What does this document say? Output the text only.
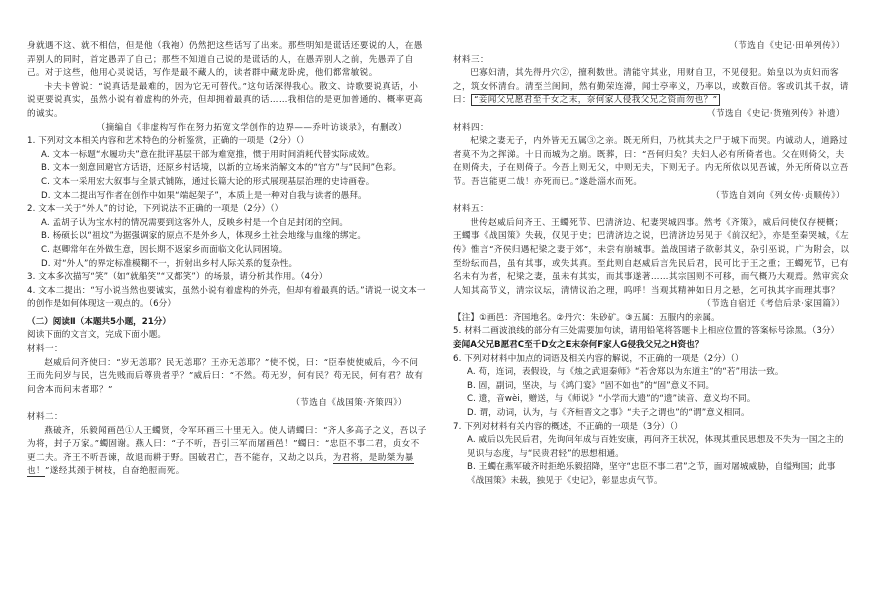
身就遇不这、就不相信，但是他（我袍）仍然把这些话写了出来。那些明知是谎话还要说的人，在愚弄别人的同时，首定愚弄了自己；那些不知道自己说的是谎话的人，在愚弄别人之前，先愚弄了自己。对于这些，他用心灵说话，写作是最不藏人的，读者群中藏龙卧虎，他们都常敏锐。

卡夫卡曾说：“说真话是最难的，因为它无可替代。”这句话深得我心。散文、诗歌要说真话，小说更要说真实，虽然小说有着虚构的外壳，但却拥着最真的话……我相信的是更加普通的、概率更高的诚实。

（摘编自《非虚构写作在努力拓宽文学创作的边界——乔叶访谈录》，有删改）

1. 下列对文本相关内容和艺术特色的分析鉴赏，正确的一项是（2分）（）

A. 文本一标题“水履功夫”意在批评基层干部为难宽推，惯于用时间消耗代替实际成效。

B. 文本一刻意回避官方话语，还原乡村话境，以新的立场来消解文本的“官方”与“民间”色彩。

C. 文本一采用宏大叙事与全景式铺陈，通过长篇大论的形式展现基层治理的史诗画卷。

D. 文本二提出写作者在创作中如果“端起架子”，本质上是一种对自我与读者的愚拜。

2. 文本一关于“外人”的讨论，下列说法不正确的一项是（2分）（）

A. 孟胡子认为宝水村的情况需要到这客外人，反映乡村是一个自足封闭的空间。

B. 杨硕长以“祖坟”为据强调家的原点不是外乡人，体现乡土社会地缘与血缘的绑定。

C. 赵卿常年在外做生意，因长期不返家乡而面临文化认同困境。

D. 对“外人”的界定标准模糊不一，折射出乡村人际关系的复杂性。

3. 文本多次描写“笑”（如“就船笑”“又都笑”）的场景，请分析其作用。（4分）

4. 文本二提出：“写小说当然也要诚实，虽然小说有着虚构的外壳，但却有着最真的话。”请说一说文本一的创作是如何体现这一观点的。（6分）

（二）阅读Ⅱ（本题共5小题，21分）

阅读下面的文言文，完成下面小题。

材料一：

赵威后问齐使曰：“岁无恙耶？民无恙耶？王亦无恙耶？”使不悦，曰：“臣奉使使威后，今不问王而先问岁与民，岂先贱而后尊贵者乎？”威后曰：“不然。苟无岁，何有民？苟无民，何有君？故有问舍本而问末者耶？”

（节选自《战国策·齐策四》）

材料二：

燕破齐，乐毅闻画邑①人王蠋贤，令军环画三十里无入。使人请蠋曰：“齐人多高子之义，吾以子为将，封子万家。”蠋固谢。燕人曰：“子不听，吾引三军而屠画邑！”蠋曰：“忠臣不事二君，贞女不更二夫。齐王不听吾谏，故退而耕于野。国破君亡，吾不能存，又劫之以兵，为君将，是助桀为暴也！”遂经其颈于树枝，自奋绝脰而死。

（节选自《史记·田单列传》）

材料三：

巴寡妇清，其先得丹穴②，擅利数世。清能守其业，用财自卫，不见侵犯。始皇以为贞妇而客之，筑女怀清台。清至兰闺间，然有勤荣连滞，闻士亭率义，乃率以，或数百倍。客或讥其千叔，请曰： “妾闻父兄愿君至千女之末，奈何家人侵我父兄之资而勿也？”

（节选自《史记·货殖列传》补遗）

材料四：

杞梁之妻无子，内外皆无五属③之亲。既无所归，乃枕其夫之尸于城下而哭。内诚动人，道路过者莫不为之挥涕。十日而城为之崩。既葬，曰：“吾何归矣？夫妇人必有所倚者也。父在则倚父，夫在则倚夫，子在则倚子。今吾上则无父，中则无夫，下则无子。内无所依以见吾诚，外无所倚以立吾节。吾岂能更二哉！亦死而已。”遂赴淄水而死。

（节选自刘向《列女传·贞顺传》）

材料五：

世传赵威后问齐王、王蠋死节、巴清济边、杞妻哭城四事。然考《齐策》，威后问使仅存梗概；王蠋事《战国策》失载，仅见于史；巴清济边之说，巴清济边另见于《前汉纪》，亦是至秦哭城，《左传》惟言“齐侯归遇杞梁之妻于郊”，未尝有崩城事。盖战国诸子欲彰其义，杂引巫说，广为附会，以至纷纭而昌，虽有其事，或失其真。至此则自赵威后言先民后君，民可比于王之重；王蠋死节，已有名未有为者，杞梁之妻，虽未有其实，而其事遂著……其宗国则不可移，而气概乃大观焉。然审宾众人知其高节义，清宗议坛，清情议治之理，呜呼！当观其精神如日月之悬，乞可执其字而理其事？

（节选自宿迁《考信后录·家国篇》）

【注】①画邑：齐国地名。②丹穴：朱砂矿。③五属：五服内的亲属。

5. 材料二画波浪线的部分有三处需要加句读，请用铅笔将答题卡上相应位置的答案标号涂黑。（3分）

妾闻A父兄B愿君C至千D女之E末奈何F家人G侵我父兄之H资也？

6. 下列对材料中加点的词语及相关内容的解说，不正确的一项是（2分）（）

A. 苟，连词，表假设，与《烛之武退秦师》“若舍郑以为东道主”的“若”用法一致。

B. 固，副词，坚决，与《鸿门宴》“固不如也”的“固”意义不同。

C. 遗，音wèi，赠送，与《师说》“小学而大遗”的“遗”读音、意义均不同。

D. 谓，动词，认为，与《齐桓晋文之事》“夫子之谓也”的“谓”意义相同。

7. 下列对材料有关内容的概述，不正确的一项是（3分）（）

A. 威后以先民后君，先询问年成与百姓安康，再问齐王状况，体现其重民思想及不失为一国之主的见识与态度，与“民贵君轻”的思想相通。

B. 王蠋在燕军破齐时拒绝乐毅招降，坚守“忠臣不事二君”之节，面对屠城威胁，自缢殉国；此事《战国策》未载，独见于《史记》，彰显忠贞气节。
